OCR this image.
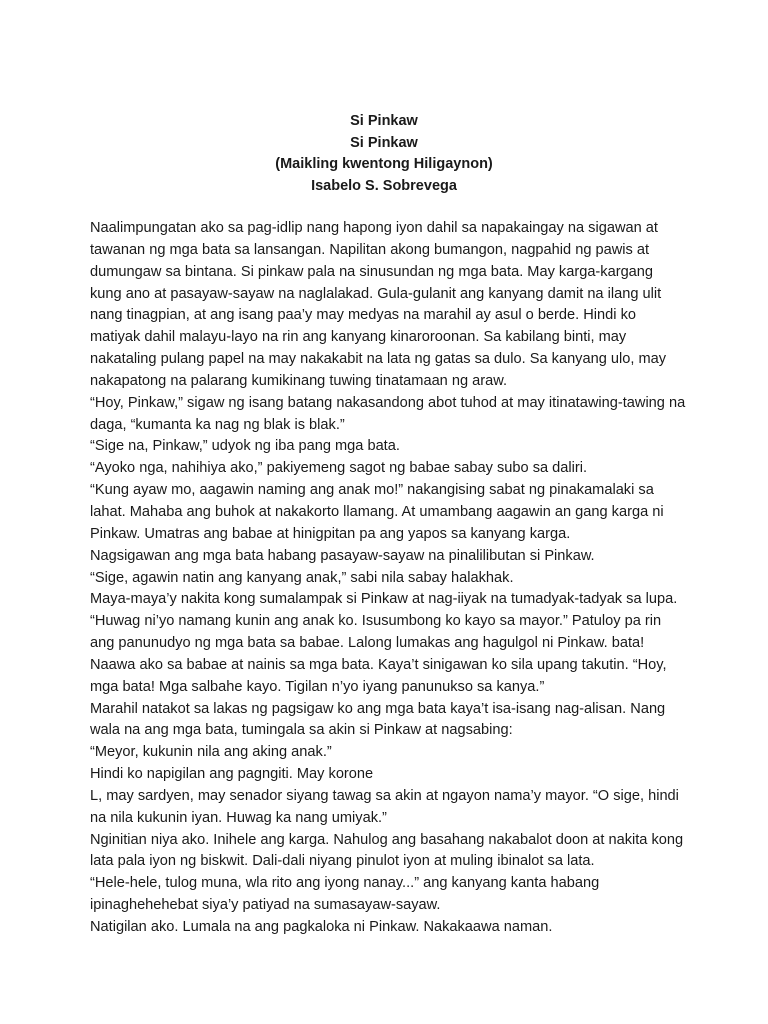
Si Pinkaw
Si Pinkaw
(Maikling kwentong Hiligaynon)
Isabelo S. Sobrevega
Naalimpungatan ako sa pag-idlip nang hapong iyon dahil sa napakaingay na sigawan at
tawanan ng mga bata sa lansangan. Napilitan akong bumangon, nagpahid ng pawis at
dumungaw sa bintana. Si pinkaw pala na sinusundan ng mga bata. May karga-kargang
kung ano at pasayaw-sayaw na naglalakad. Gula-gulanit ang kanyang damit na ilang ulit
nang tinagpian, at ang isang paa’y may medyas na marahil ay asul o berde. Hindi ko
matiyak dahil malayu-layo na rin ang kanyang kinaroroonan. Sa kabilang binti, may
nakataling pulang papel na may nakakabit na lata ng gatas sa dulo. Sa kanyang ulo, may
nakapatong na palarang kumikinang tuwing tinatamaan ng araw.
“Hoy, Pinkaw,” sigaw ng isang batang nakasandong abot tuhod at may itinatawing-tawing na
daga, “kumanta ka nag ng blak is blak.”
“Sige na, Pinkaw,” udyok ng iba pang mga bata.
“Ayoko nga, nahihiya ako,” pakiyemeng sagot ng babae sabay subo sa daliri.
“Kung ayaw mo, aagawin naming ang anak mo!” nakangising sabat ng pinakamalaki sa
lahat. Mahaba ang buhok at nakakorto llamang. At umambang aagawin an gang karga ni
Pinkaw. Umatras ang babae at hinigpitan pa ang yapos sa kanyang karga.
Nagsigawan ang mga bata habang pasayaw-sayaw na pinalilibutan si Pinkaw.
“Sige, agawin natin ang kanyang anak,” sabi nila sabay halakhak.
Maya-maya’y nakita kong sumalampak si Pinkaw at nag-iiyak na tumadyak-tadyak sa lupa.
“Huwag ni’yo namang kunin ang anak ko. Isusumbong ko kayo sa mayor.” Patuloy pa rin
ang panunudyo ng mga bata sa babae. Lalong lumakas ang hagulgol ni Pinkaw. bata!
Naawa ako sa babae at nainis sa mga bata. Kaya’t sinigawan ko sila upang takutin. “Hoy,
mga bata! Mga salbahe kayo. Tigilan n’yo iyang panunukso sa kanya.”
Marahil natakot sa lakas ng pagsigaw ko ang mga bata kaya’t isa-isang nag-alisan. Nang
wala na ang mga bata, tumingala sa akin si Pinkaw at nagsabing:
“Meyor, kukunin nila ang aking anak.”
Hindi ko napigilan ang pagngiti. May korone
L, may sardyen, may senador siyang tawag sa akin at ngayon nama’y mayor. “O sige, hindi
na nila kukunin iyan. Huwag ka nang umiyak.”
Nginitian niya ako. Inihele ang karga. Nahulog ang basahang nakabalot doon at nakita kong
lata pala iyon ng biskwit. Dali-dali niyang pinulot iyon at muling ibinalot sa lata.
“Hele-hele, tulog muna, wla rito ang iyong nanay...” ang kanyang kanta habang
ipinaghehehebat siya’y patiyad na sumasayaw-sayaw.
Natigilan ako. Lumala na ang pagkaloka ni Pinkaw. Nakakaawa naman.
